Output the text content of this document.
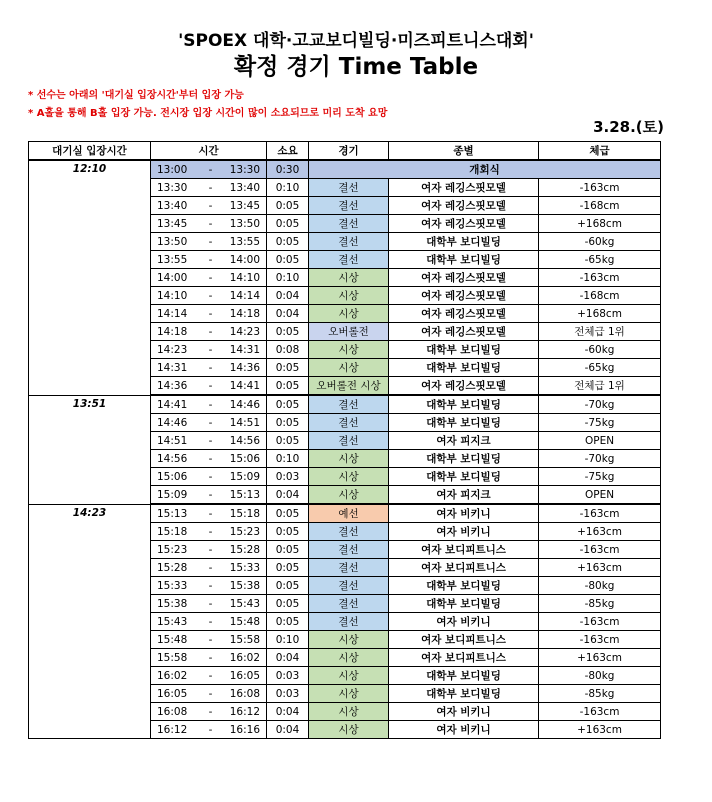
'SPOEX 대학·고교보디빌딩·미즈피트니스대회'
확정 경기 Time Table
* 선수는 아래의 '대기실 입장시간'부터 입장 가능
* A홀을 통해 B홀 입장 가능. 전시장 입장 시간이 많이 소요되므로 미리 도착 요망
3.28.(토)
대기실 입장시간	시간			소요	경기	종별	체급
12:10	13:00	-	13:30	0:30	개회식		
	13:30	-	13:40	0:10	결선	여자 레깅스핏모델	-163cm
	13:40	-	13:45	0:05	결선	여자 레깅스핏모델	-168cm
	13:45	-	13:50	0:05	결선	여자 레깅스핏모델	+168cm
	13:50	-	13:55	0:05	결선	대학부 보디빌딩	-60kg
	13:55	-	14:00	0:05	결선	대학부 보디빌딩	-65kg
	14:00	-	14:10	0:10	시상	여자 레깅스핏모델	-163cm
	14:10	-	14:14	0:04	시상	여자 레깅스핏모델	-168cm
	14:14	-	14:18	0:04	시상	여자 레깅스핏모델	+168cm
	14:18	-	14:23	0:05	오버롤전	여자 레깅스핏모델	전체급 1위
	14:23	-	14:31	0:08	시상	대학부 보디빌딩	-60kg
	14:31	-	14:36	0:05	시상	대학부 보디빌딩	-65kg
	14:36	-	14:41	0:05	오버롤전 시상	여자 레깅스핏모델	전체급 1위
13:51	14:41	-	14:46	0:05	결선	대학부 보디빌딩	-70kg
	14:46	-	14:51	0:05	결선	대학부 보디빌딩	-75kg
	14:51	-	14:56	0:05	결선	여자 피지크	OPEN
	14:56	-	15:06	0:10	시상	대학부 보디빌딩	-70kg
	15:06	-	15:09	0:03	시상	대학부 보디빌딩	-75kg
	15:09	-	15:13	0:04	시상	여자 피지크	OPEN
14:23	15:13	-	15:18	0:05	예선	여자 비키니	-163cm
	15:18	-	15:23	0:05	결선	여자 비키니	+163cm
	15:23	-	15:28	0:05	결선	여자 보디피트니스	-163cm
	15:28	-	15:33	0:05	결선	여자 보디피트니스	+163cm
	15:33	-	15:38	0:05	결선	대학부 보디빌딩	-80kg
	15:38	-	15:43	0:05	결선	대학부 보디빌딩	-85kg
	15:43	-	15:48	0:05	결선	여자 비키니	-163cm
	15:48	-	15:58	0:10	시상	여자 보디피트니스	-163cm
	15:58	-	16:02	0:04	시상	여자 보디피트니스	+163cm
	16:02	-	16:05	0:03	시상	대학부 보디빌딩	-80kg
	16:05	-	16:08	0:03	시상	대학부 보디빌딩	-85kg
	16:08	-	16:12	0:04	시상	여자 비키니	-163cm
	16:12	-	16:16	0:04	시상	여자 비키니	+163cm
